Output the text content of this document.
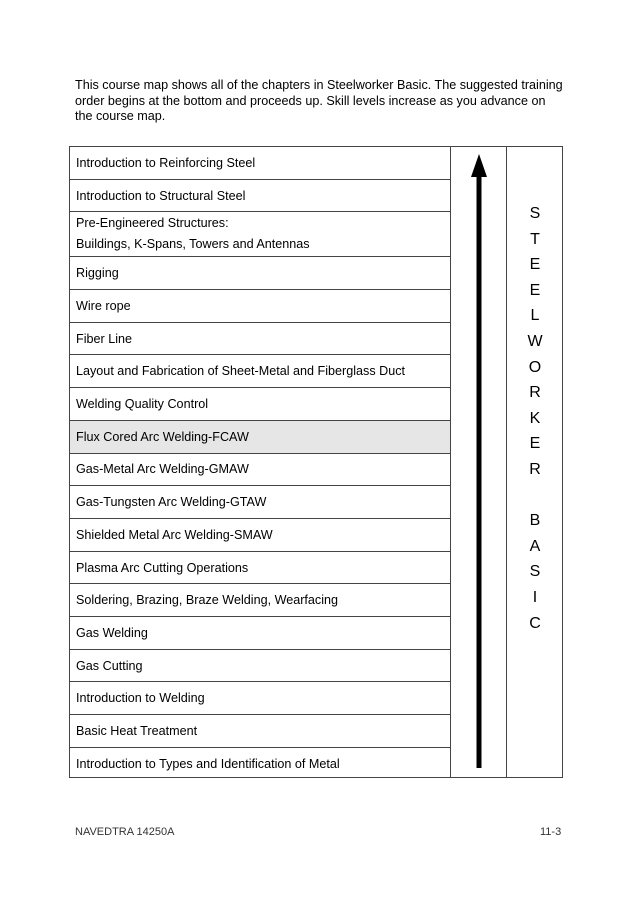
This course map shows all of the chapters in Steelworker Basic. The suggested training
order begins at the bottom and proceeds up. Skill levels increase as you advance on
the course map.
Introduction to Reinforcing Steel
Introduction to Structural Steel
Pre-Engineered Structures:
Buildings, K-Spans, Towers and Antennas
Rigging
Wire rope
Fiber Line
Layout and Fabrication of Sheet-Metal and Fiberglass Duct
Welding Quality Control
Flux Cored Arc Welding-FCAW
Gas-Metal Arc Welding-GMAW
Gas-Tungsten Arc Welding-GTAW
Shielded Metal Arc Welding-SMAW
Plasma Arc Cutting Operations
Soldering, Brazing, Braze Welding, Wearfacing
Gas Welding
Gas Cutting
Introduction to Welding
Basic Heat Treatment
Introduction to Types and Identification of Metal
S
T
E
E
L
W
O
R
K
E
R
B
A
S
I
C
NAVEDTRA 14250A	11-3
